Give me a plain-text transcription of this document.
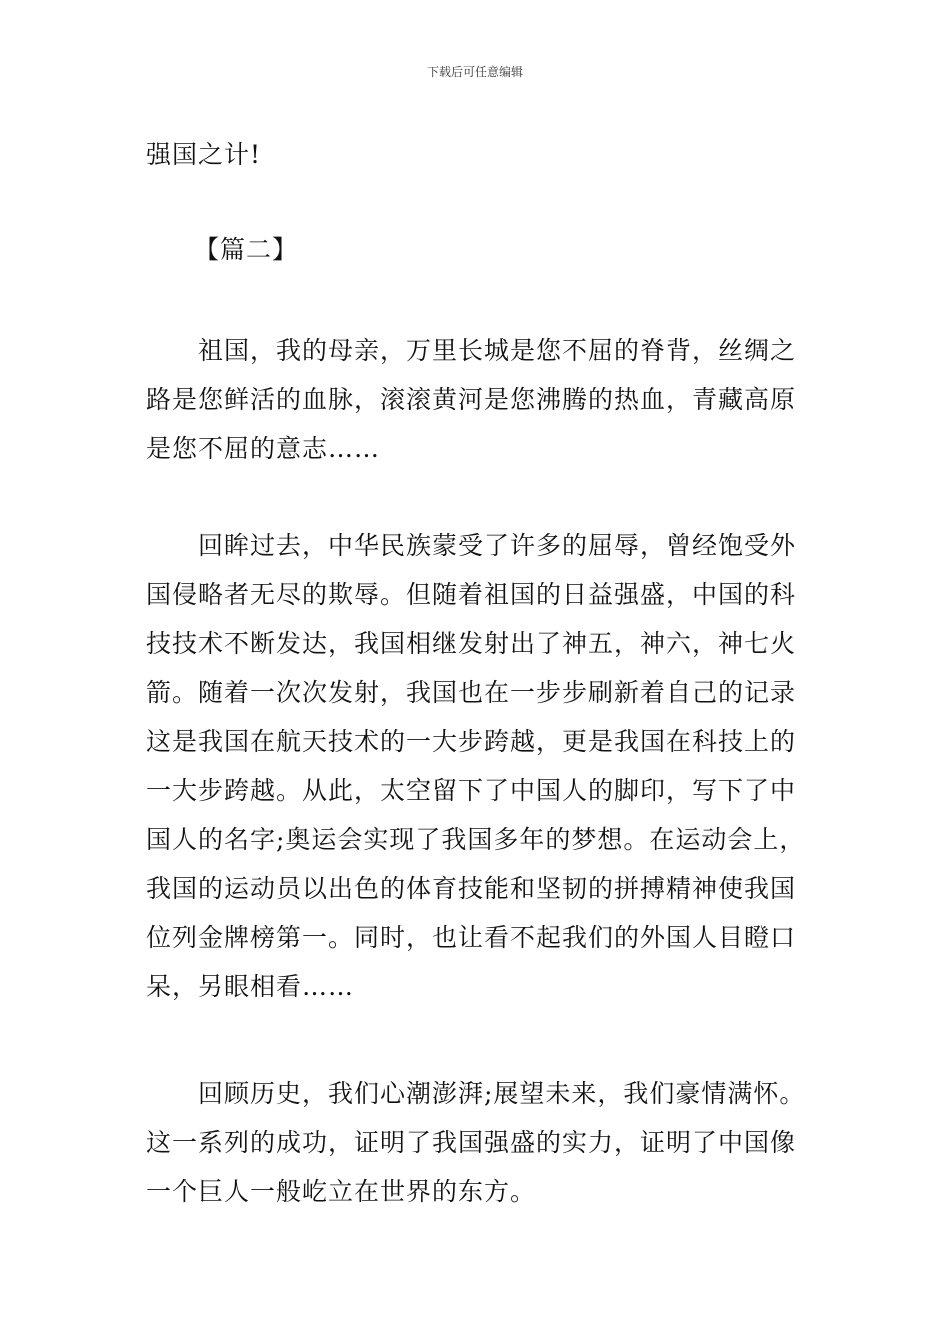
下载后可任意编辑

强国之计!

【篇二】

祖国，我的母亲，万里长城是您不屈的脊背，丝绸之路是您鲜活的血脉，滚滚黄河是您沸腾的热血，青藏高原是您不屈的意志……

回眸过去，中华民族蒙受了许多的屈辱，曾经饱受外国侵略者无尽的欺辱。但随着祖国的日益强盛，中国的科技技术不断发达，我国相继发射出了神五，神六，神七火箭。随着一次次发射，我国也在一步步刷新着自己的记录这是我国在航天技术的一大步跨越，更是我国在科技上的一大步跨越。从此，太空留下了中国人的脚印，写下了中国人的名字;奥运会实现了我国多年的梦想。在运动会上，我国的运动员以出色的体育技能和坚韧的拼搏精神使我国位列金牌榜第一。同时，也让看不起我们的外国人目瞪口呆，另眼相看……

回顾历史，我们心潮澎湃;展望未来，我们豪情满怀。这一系列的成功，证明了我国强盛的实力，证明了中国像一个巨人一般屹立在世界的东方。
